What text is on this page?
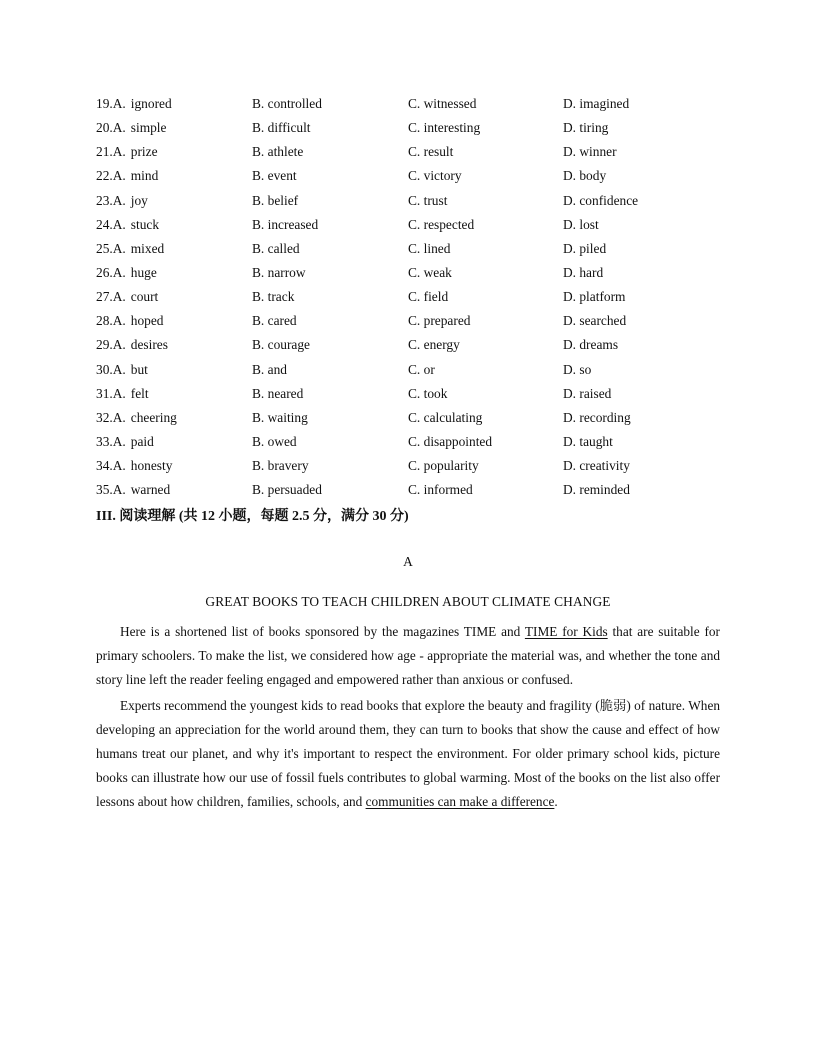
19.A. ignored	B. controlled	C. witnessed	D. imagined
20.A. simple	B. difficult	C. interesting	D. tiring
21.A. prize	B. athlete	C. result	D. winner
22.A. mind	B. event	C. victory	D. body
23.A. joy	B. belief	C. trust	D. confidence
24.A. stuck	B. increased	C. respected	D. lost
25.A. mixed	B. called	C. lined	D. piled
26.A. huge	B. narrow	C. weak	D. hard
27.A. court	B. track	C. field	D. platform
28.A. hoped	B. cared	C. prepared	D. searched
29.A. desires	B. courage	C. energy	D. dreams
30.A. but	B. and	C. or	D. so
31.A. felt	B. neared	C. took	D. raised
32.A. cheering	B. waiting	C. calculating	D. recording
33.A. paid	B. owed	C. disappointed	D. taught
34.A. honesty	B. bravery	C. popularity	D. creativity
35.A. warned	B. persuaded	C. informed	D. reminded
III. 阅读理解 (共 12 小题，每题 2.5 分，满分 30 分)
A
GREAT BOOKS TO TEACH CHILDREN ABOUT CLIMATE CHANGE

Here is a shortened list of books sponsored by the magazines TIME and TIME for Kids that are suitable for primary schoolers. To make the list, we considered how age - appropriate the material was, and whether the tone and story line left the reader feeling engaged and empowered rather than anxious or confused.

Experts recommend the youngest kids to read books that explore the beauty and fragility (脆弱) of nature. When developing an appreciation for the world around them, they can turn to books that show the cause and effect of how humans treat our planet, and why it's important to respect the environment. For older primary school kids, picture books can illustrate how our use of fossil fuels contributes to global warming. Most of the books on the list also offer lessons about how children, families, schools, and communities can make a difference.
